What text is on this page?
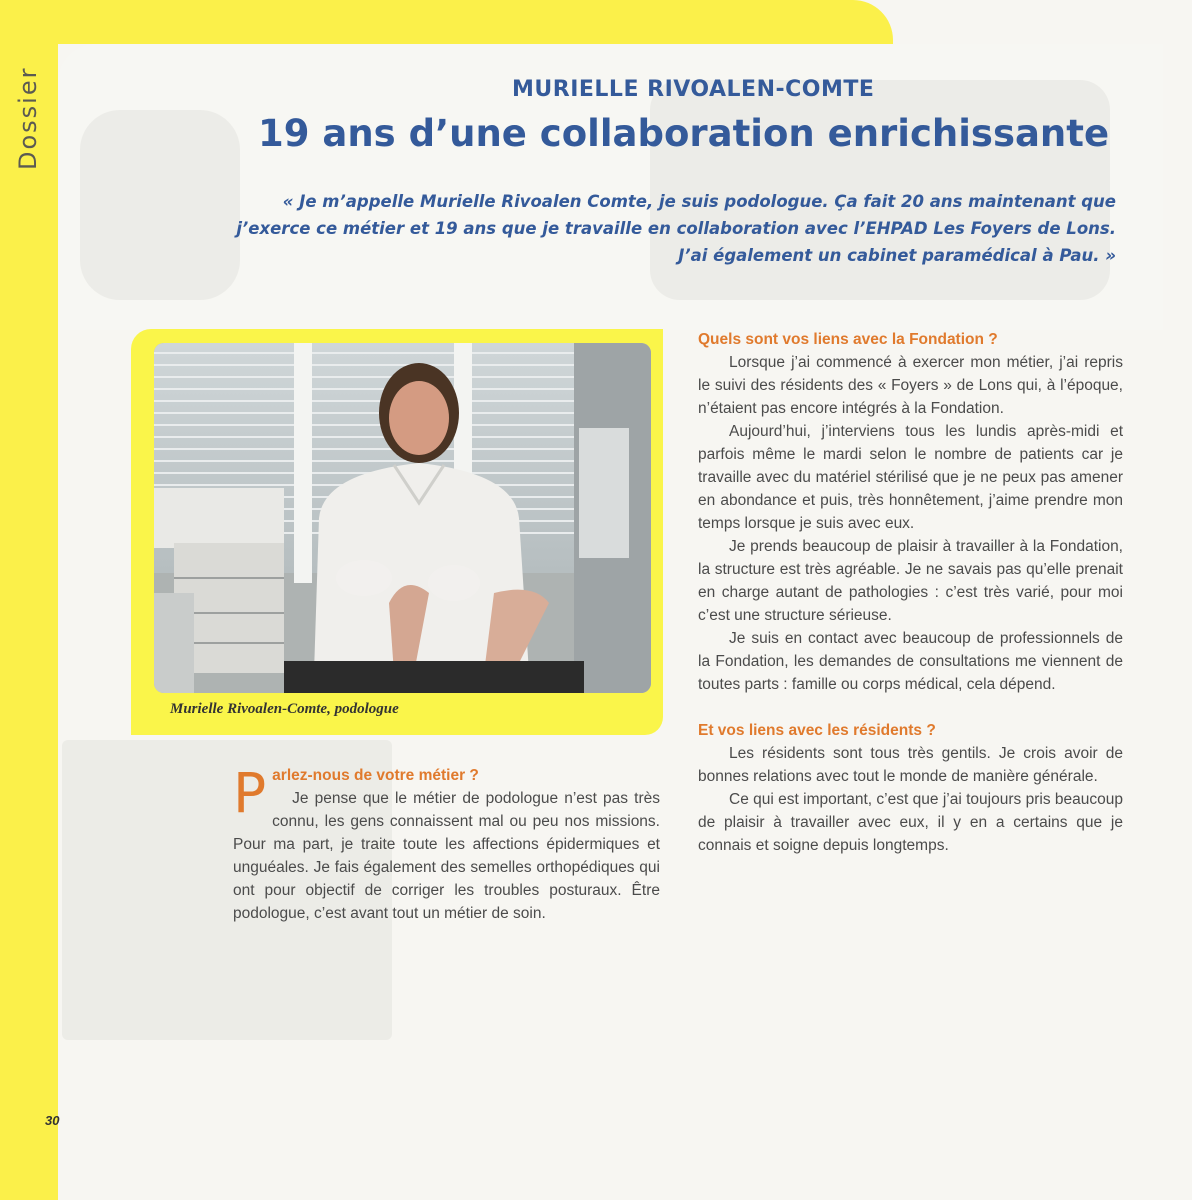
Dossier	MURIELLE RIVOALEN-COMTE
19 ans d’une collaboration enrichissante
« Je m’appelle Murielle Rivoalen Comte, je suis podologue. Ça fait 20 ans maintenant que
j’exerce ce métier et 19 ans que je travaille en collaboration avec l’EHPAD Les Foyers de Lons.
J’ai également un cabinet paramédical à Pau. »
Murielle Rivoalen-Comte, podologue
P arlez-nous de votre métier ?

Je pense que le métier de podologue n’est pas très connu, les gens connaissent mal ou peu nos missions. Pour ma part, je traite toute les affections épidermiques et unguéales. Je fais également des semelles orthopédiques qui ont pour objectif de corriger les troubles posturaux. Être podologue, c’est avant tout un métier de soin.

Quels sont vos liens avec la Fondation ?

Lorsque j’ai commencé à exercer mon métier, j’ai repris le suivi des résidents des « Foyers » de Lons qui, à l’époque, n’étaient pas encore intégrés à la Fondation.

Aujourd’hui, j’interviens tous les lundis après-midi et parfois même le mardi selon le nombre de patients car je travaille avec du matériel stérilisé que je ne peux pas amener en abondance et puis, très honnêtement, j’aime prendre mon temps lorsque je suis avec eux.

Je prends beaucoup de plaisir à travailler à la Fondation, la structure est très agréable. Je ne savais pas qu’elle prenait en charge autant de pathologies : c’est très varié, pour moi c’est une structure sérieuse.

Je suis en contact avec beaucoup de professionnels de la Fondation, les demandes de consultations me viennent de toutes parts : famille ou corps médical, cela dépend.

Et vos liens avec les résidents ?

Les résidents sont tous très gentils. Je crois avoir de bonnes relations avec tout le monde de manière générale.

Ce qui est important, c’est que j’ai toujours pris beaucoup de plaisir à travailler avec eux, il y en a certains que je connais et soigne depuis longtemps.

30
